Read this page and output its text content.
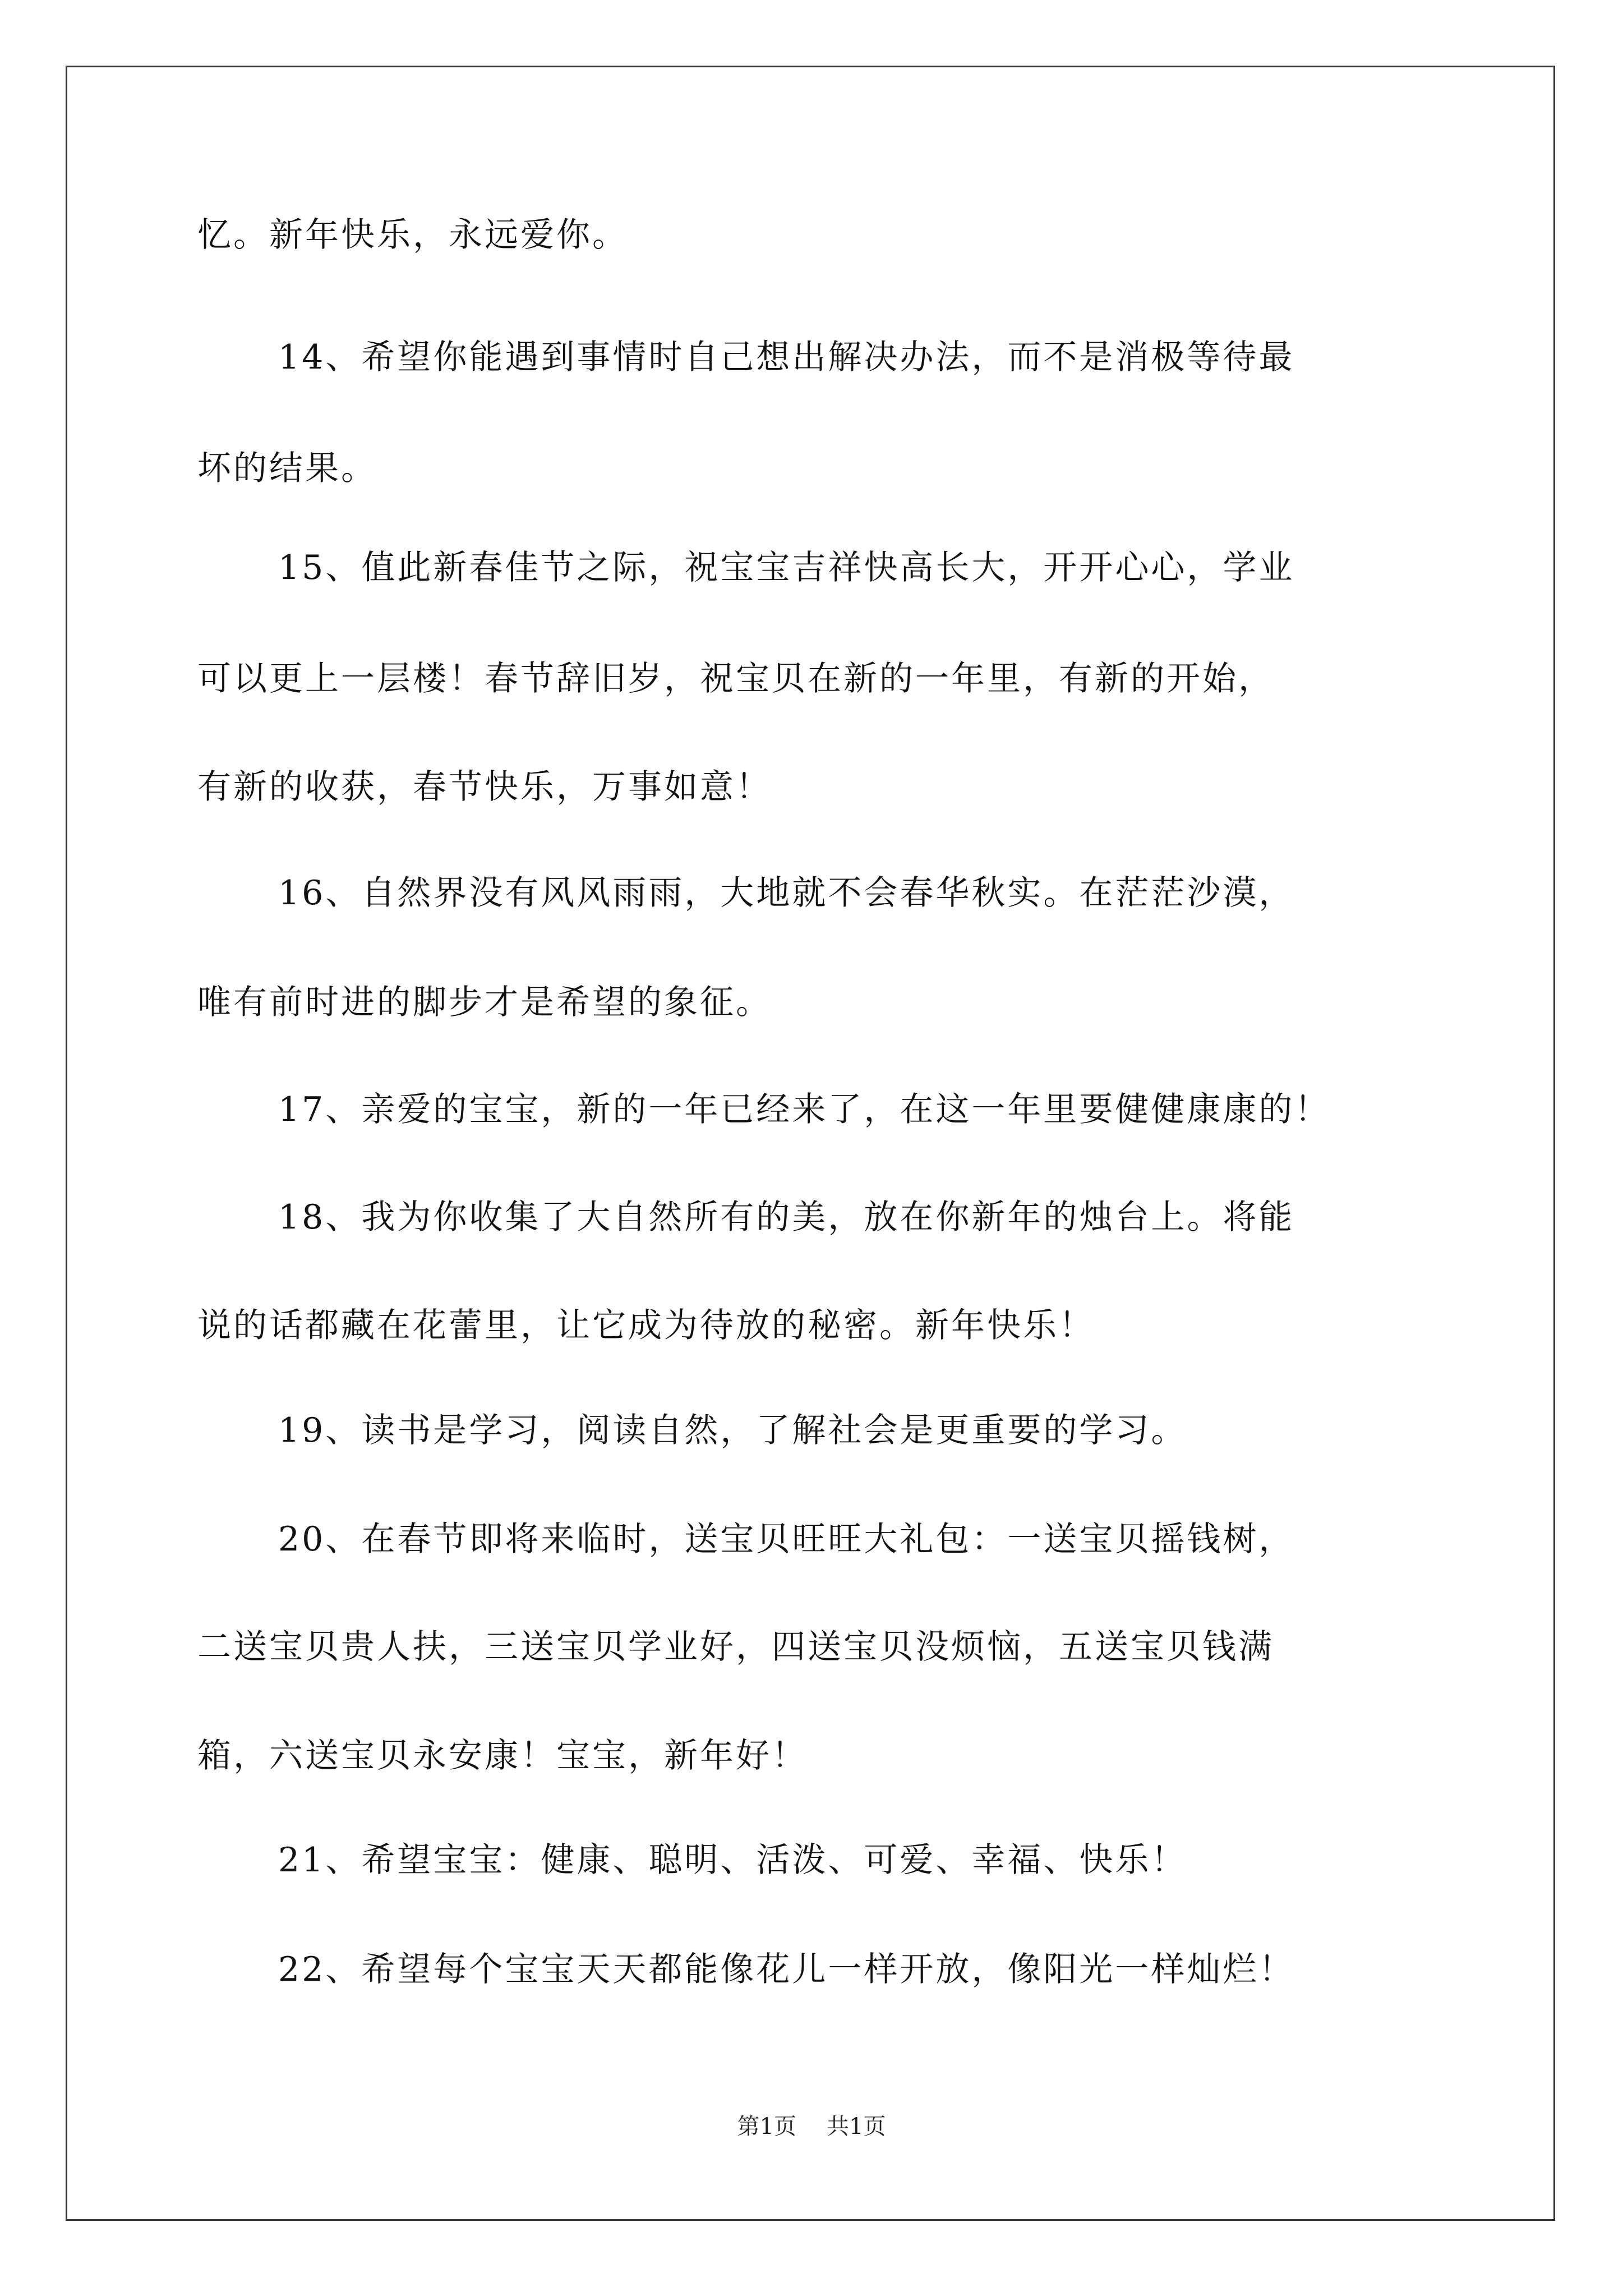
忆。新年快乐，永远爱你。
14、希望你能遇到事情时自己想出解决办法，而不是消极等待最
坏的结果。
15、值此新春佳节之际，祝宝宝吉祥快高长大，开开心心，学业
可以更上一层楼！春节辞旧岁，祝宝贝在新的一年里，有新的开始，
有新的收获，春节快乐，万事如意！
16、自然界没有风风雨雨，大地就不会春华秋实。在茫茫沙漠，
唯有前时进的脚步才是希望的象征。
17、亲爱的宝宝，新的一年已经来了，在这一年里要健健康康的！
18、我为你收集了大自然所有的美，放在你新年的烛台上。将能
说的话都藏在花蕾里，让它成为待放的秘密。新年快乐！
19、读书是学习，阅读自然，了解社会是更重要的学习。
20、在春节即将来临时，送宝贝旺旺大礼包：一送宝贝摇钱树，
二送宝贝贵人扶，三送宝贝学业好，四送宝贝没烦恼，五送宝贝钱满
箱，六送宝贝永安康！宝宝，新年好！
21、希望宝宝：健康、聪明、活泼、可爱、幸福、快乐！
22、希望每个宝宝天天都能像花儿一样开放，像阳光一样灿烂！
第1页 共1页
